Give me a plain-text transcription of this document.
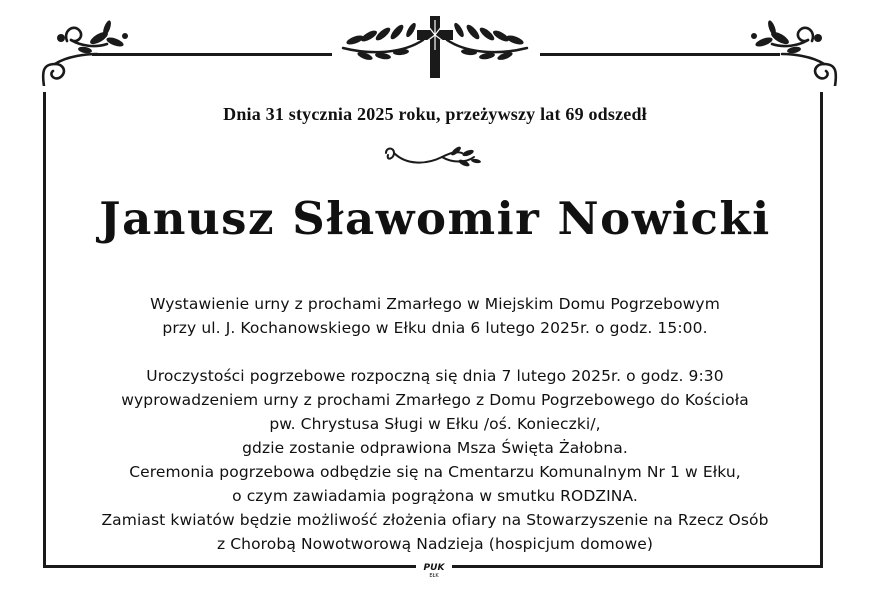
Dnia 31 stycznia 2025 roku, przeżywszy lat 69 odszedł
Janusz Sławomir Nowicki
Wystawienie urny z prochami Zmarłego w Miejskim Domu Pogrzebowym
przy ul. J. Kochanowskiego w Ełku dnia 6 lutego 2025r. o godz. 15:00.
Uroczystości pogrzebowe rozpoczną się dnia 7 lutego 2025r. o godz. 9:30
wyprowadzeniem urny z prochami Zmarłego z Domu Pogrzebowego do Kościoła
pw. Chrystusa Sługi w Ełku /oś. Konieczki/,
gdzie zostanie odprawiona Msza Święta Żałobna.
Ceremonia pogrzebowa odbędzie się na Cmentarzu Komunalnym Nr 1 w Ełku,
o czym zawiadamia pogrążona w smutku RODZINA.
Zamiast kwiatów będzie możliwość złożenia ofiary na Stowarzyszenie na Rzecz Osób
z Chorobą Nowotworową Nadzieja (hospicjum domowe)
PUK
EŁK
